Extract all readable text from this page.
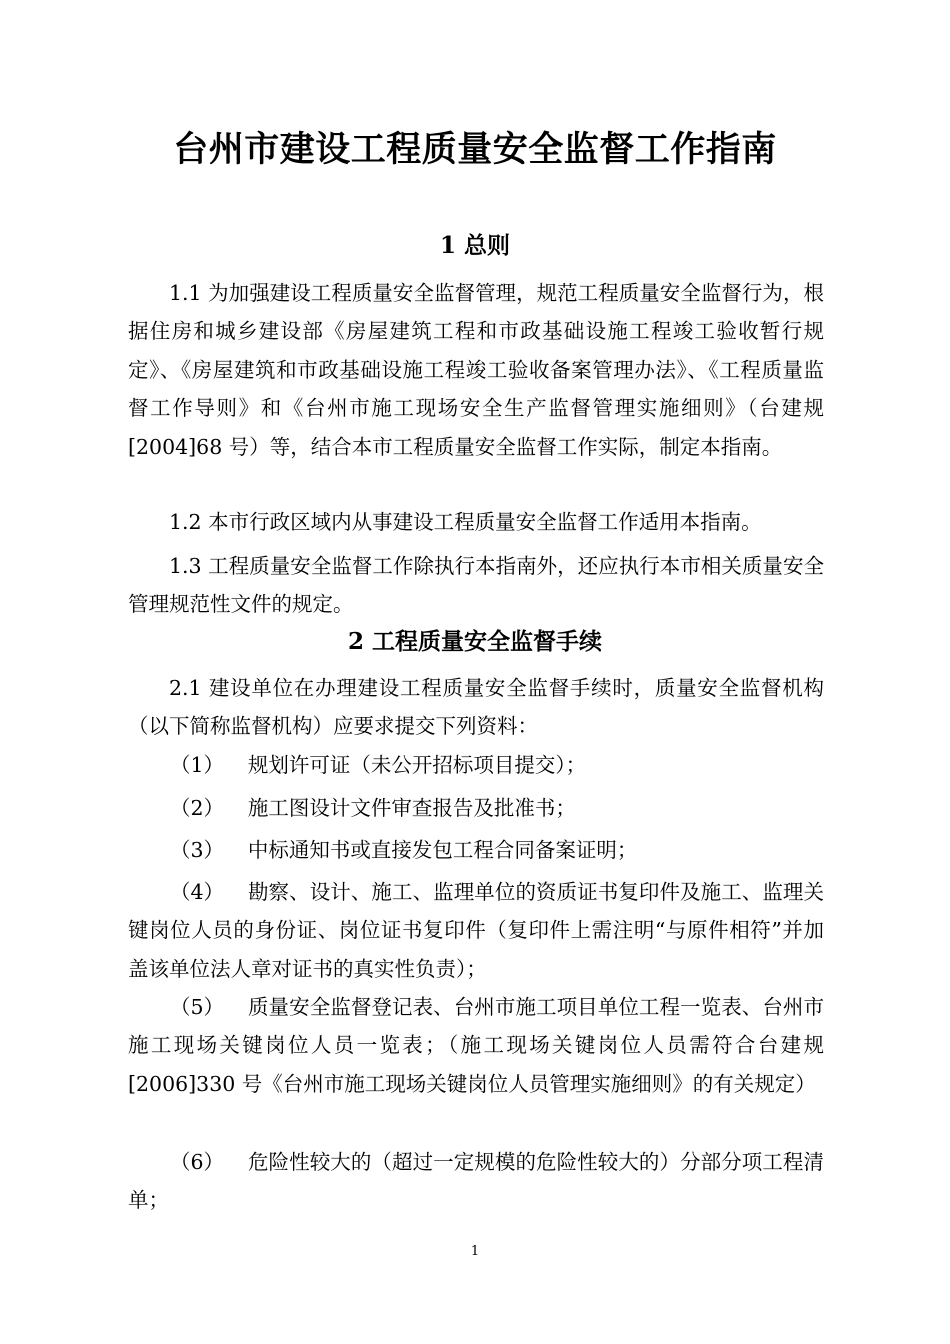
台州市建设工程质量安全监督工作指南
1 总则

1.1 为加强建设工程质量安全监督管理，规范工程质量安全监督行为，根据住房和城乡建设部《房屋建筑工程和市政基础设施工程竣工验收暂行规定》、《房屋建筑和市政基础设施工程竣工验收备案管理办法》、《工程质量监督工作导则》和《台州市施工现场安全生产监督管理实施细则》（台建规[2004]68 号）等，结合本市工程质量安全监督工作实际，制定本指南。

1.2 本市行政区域内从事建设工程质量安全监督工作适用本指南。

1.3 工程质量安全监督工作除执行本指南外，还应执行本市相关质量安全管理规范性文件的规定。

2 工程质量安全监督手续

2.1 建设单位在办理建设工程质量安全监督手续时，质量安全监督机构（以下简称监督机构）应要求提交下列资料：

（1） 规划许可证（未公开招标项目提交）；

（2） 施工图设计文件审查报告及批准书；

（3） 中标通知书或直接发包工程合同备案证明；

（4） 勘察、设计、施工、监理单位的资质证书复印件及施工、监理关键岗位人员的身份证、岗位证书复印件（复印件上需注明“与原件相符”并加盖该单位法人章对证书的真实性负责）；

（5） 质量安全监督登记表、台州市施工项目单位工程一览表、台州市施工现场关键岗位人员一览表；（施工现场关键岗位人员需符合台建规[2006]330 号《台州市施工现场关键岗位人员管理实施细则》的有关规定）

（6） 危险性较大的（超过一定规模的危险性较大的）分部分项工程清单；

1
